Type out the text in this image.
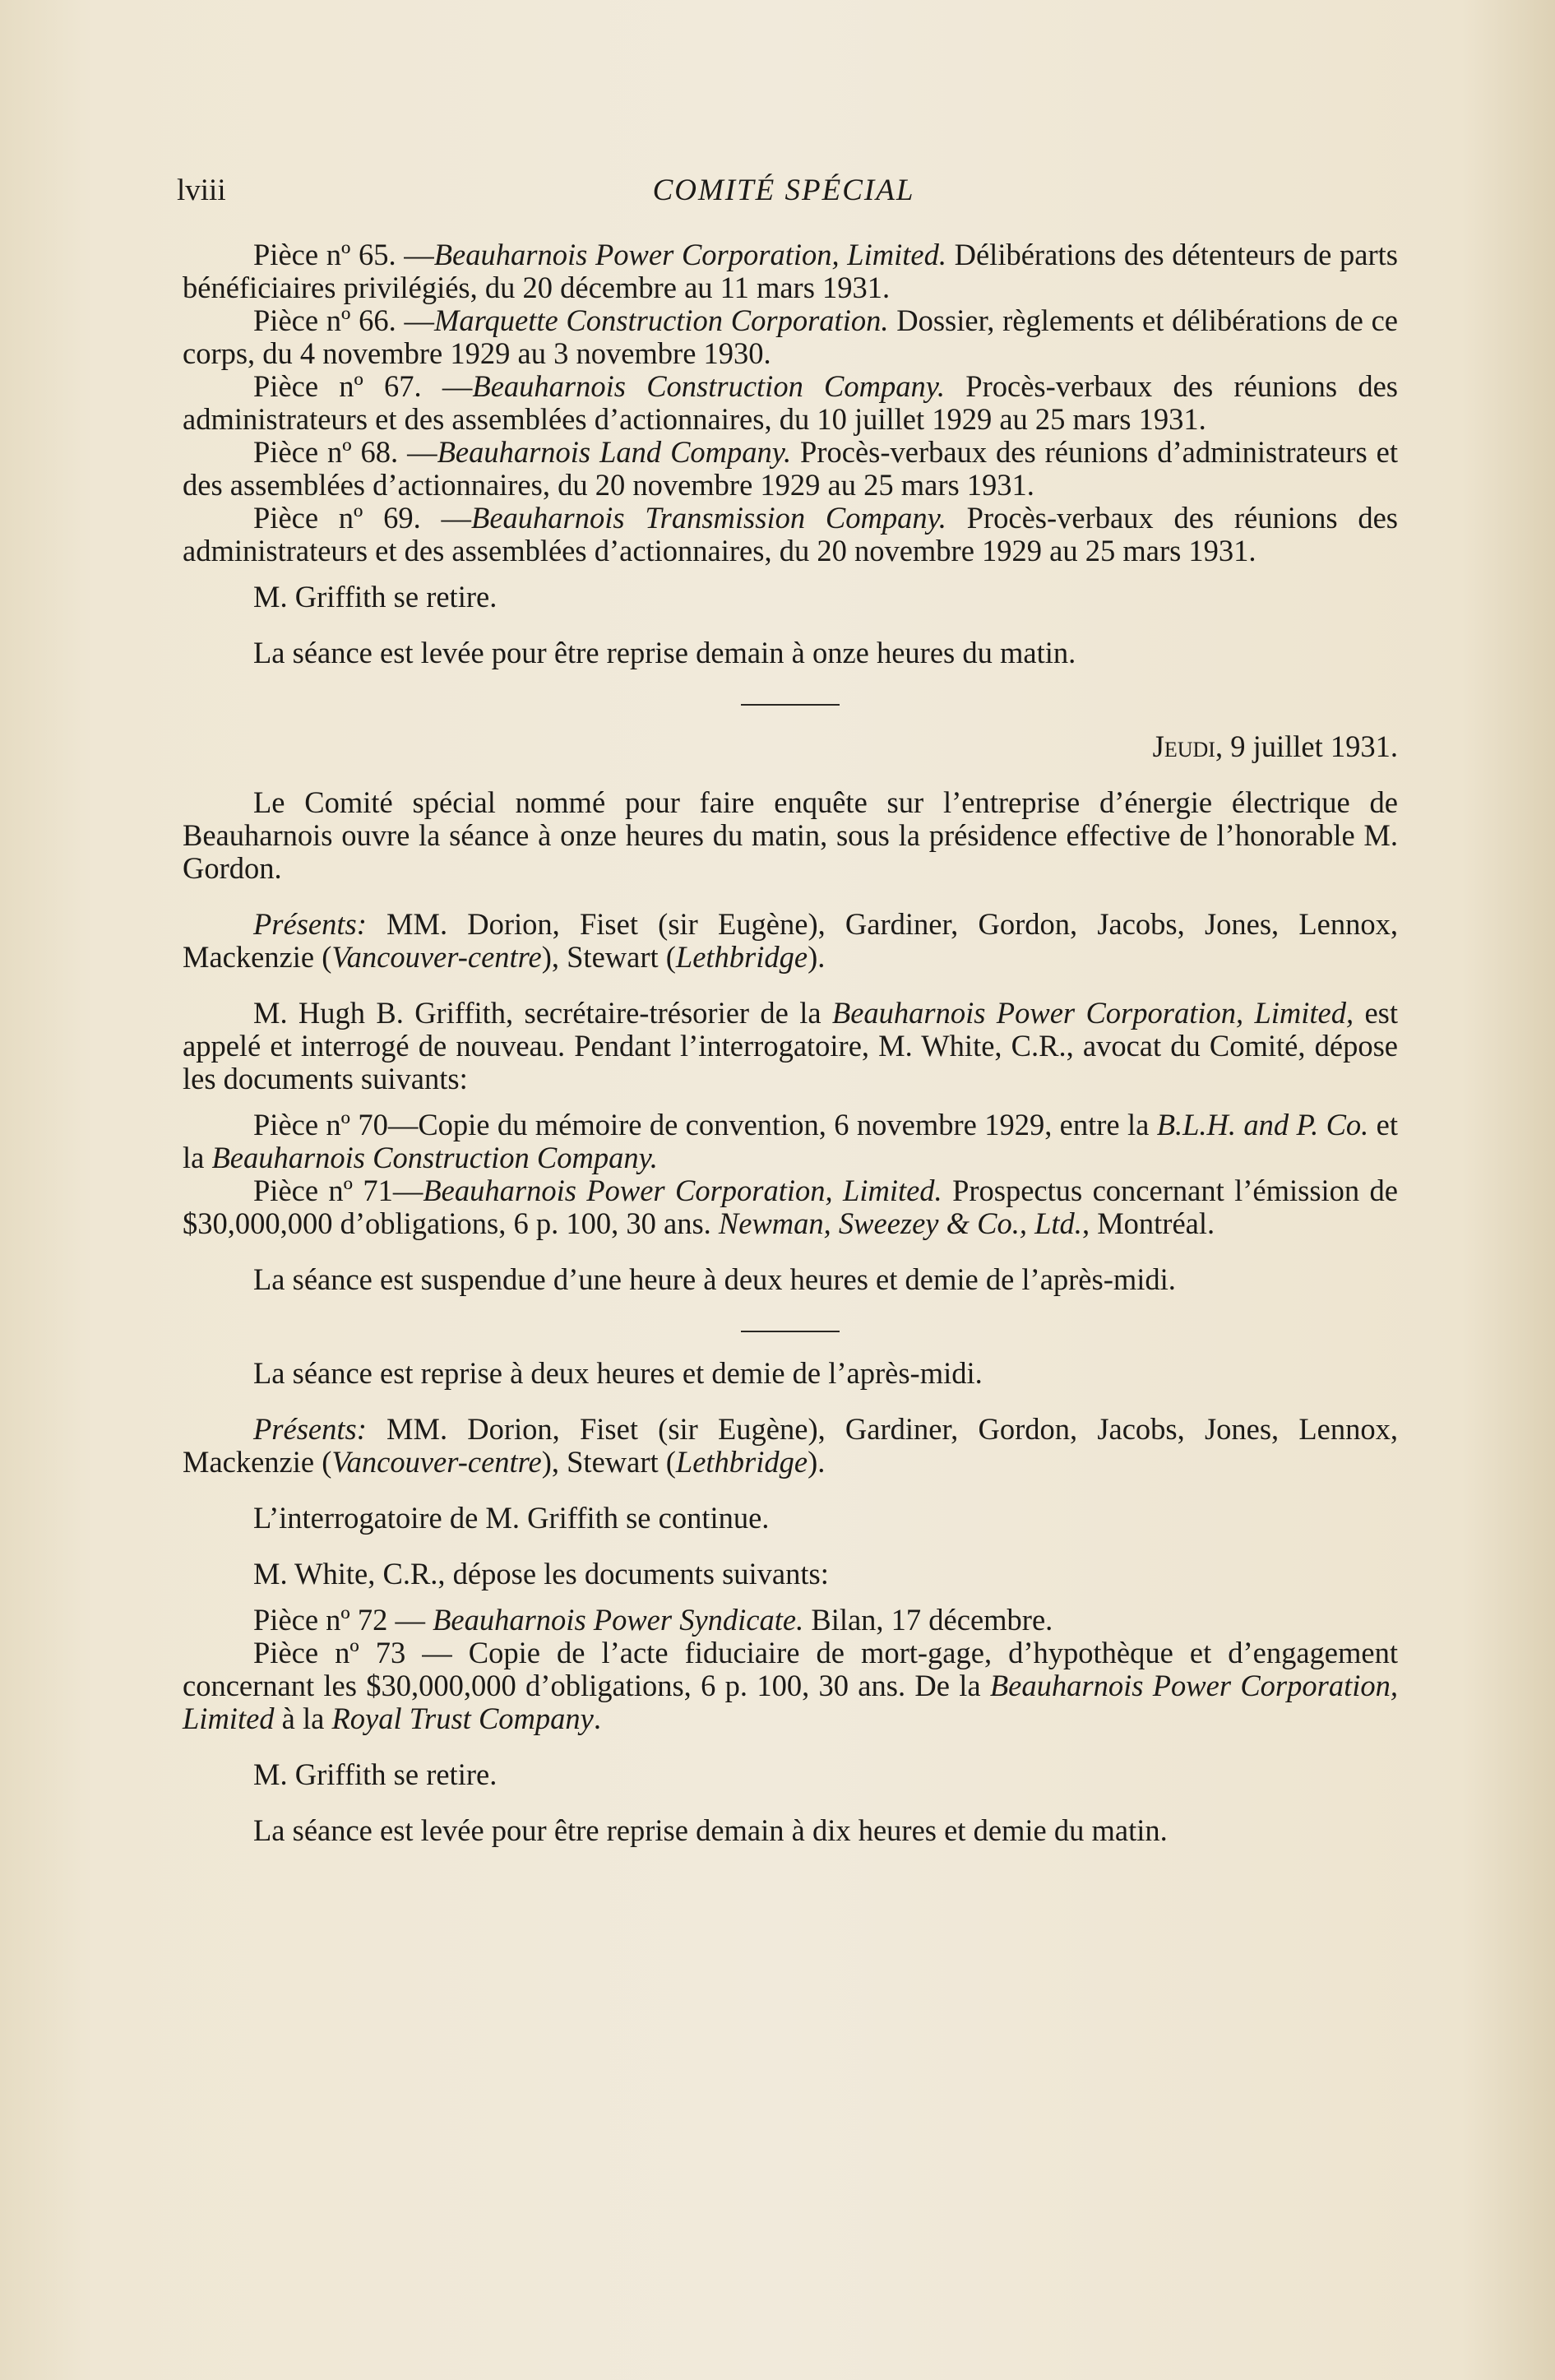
lviii	COMITÉ SPÉCIAL

Pièce nº 65. —Beauharnois Power Corporation, Limited. Délibérations des détenteurs de parts bénéficiaires privilégiés, du 20 décembre au 11 mars 1931.

Pièce nº 66. —Marquette Construction Corporation. Dossier, règlements et délibérations de ce corps, du 4 novembre 1929 au 3 novembre 1930.

Pièce nº 67. —Beauharnois Construction Company. Procès-verbaux des réunions des administrateurs et des assemblées d’actionnaires, du 10 juillet 1929 au 25 mars 1931.

Pièce nº 68. —Beauharnois Land Company. Procès-verbaux des réunions d’administrateurs et des assemblées d’actionnaires, du 20 novembre 1929 au 25 mars 1931.

Pièce nº 69. —Beauharnois Transmission Company. Procès-verbaux des réunions des administrateurs et des assemblées d’actionnaires, du 20 novembre 1929 au 25 mars 1931.

M. Griffith se retire.

La séance est levée pour être reprise demain à onze heures du matin.

Jeudi, 9 juillet 1931.

Le Comité spécial nommé pour faire enquête sur l’entreprise d’énergie électrique de Beauharnois ouvre la séance à onze heures du matin, sous la présidence effective de l’honorable M. Gordon.

Présents: MM. Dorion, Fiset (sir Eugène), Gardiner, Gordon, Jacobs, Jones, Lennox, Mackenzie (Vancouver-centre), Stewart (Lethbridge).

M. Hugh B. Griffith, secrétaire-trésorier de la Beauharnois Power Corporation, Limited, est appelé et interrogé de nouveau. Pendant l’interrogatoire, M. White, C.R., avocat du Comité, dépose les documents suivants:

Pièce nº 70—Copie du mémoire de convention, 6 novembre 1929, entre la B.L.H. and P. Co. et la Beauharnois Construction Company.

Pièce nº 71—Beauharnois Power Corporation, Limited. Prospectus concernant l’émission de $30,000,000 d’obligations, 6 p. 100, 30 ans. Newman, Sweezey & Co., Ltd., Montréal.

La séance est suspendue d’une heure à deux heures et demie de l’après-midi.

La séance est reprise à deux heures et demie de l’après-midi.

Présents: MM. Dorion, Fiset (sir Eugène), Gardiner, Gordon, Jacobs, Jones, Lennox, Mackenzie (Vancouver-centre), Stewart (Lethbridge).

L’interrogatoire de M. Griffith se continue.

M. White, C.R., dépose les documents suivants:

Pièce nº 72 — Beauharnois Power Syndicate. Bilan, 17 décembre.

Pièce nº 73 — Copie de l’acte fiduciaire de mort-gage, d’hypothèque et d’engagement concernant les $30,000,000 d’obligations, 6 p. 100, 30 ans. De la Beauharnois Power Corporation, Limited à la Royal Trust Company.

M. Griffith se retire.

La séance est levée pour être reprise demain à dix heures et demie du matin.
